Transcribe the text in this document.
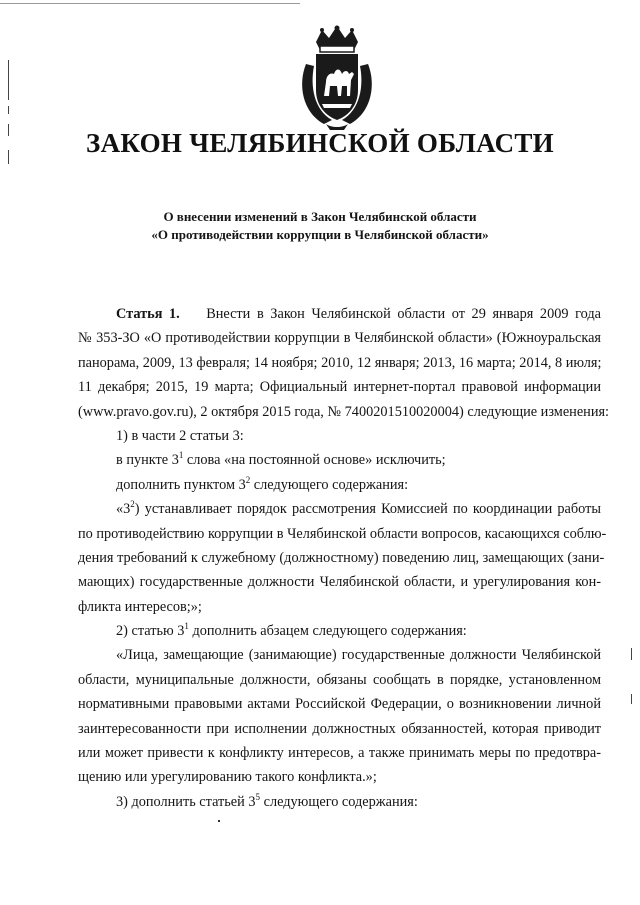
ЗАКОН ЧЕЛЯБИНСКОЙ ОБЛАСТИ
О внесении изменений в Закон Челябинской области
«О противодействии коррупции в Челябинской области»
Статья 1. Внести в Закон Челябинской области от 29 января 2009 года
№ 353-ЗО «О противодействии коррупции в Челябинской области» (Южноуральская
панорама, 2009, 13 февраля; 14 ноября; 2010, 12 января; 2013, 16 марта; 2014, 8 июля;
11 декабря; 2015, 19 марта; Официальный интернет-портал правовой информации
(www.pravo.gov.ru), 2 октября 2015 года, № 7400201510020004) следующие изменения:
1) в части 2 статьи 3:
в пункте $3^1$ слова «на постоянной основе» исключить;
дополнить пунктом $3^2$ следующего содержания:
«$3^2$) устанавливает порядок рассмотрения Комиссией по координации работы
по противодействию коррупции в Челябинской области вопросов, касающихся соблю-
дения требований к служебному (должностному) поведению лиц, замещающих (зани-
мающих) государственные должности Челябинской области, и урегулирования кон-
фликта интересов;»;
2) статью $3^1$ дополнить абзацем следующего содержания:
«Лица, замещающие (занимающие) государственные должности Челябинской
области, муниципальные должности, обязаны сообщать в порядке, установленном
нормативными правовыми актами Российской Федерации, о возникновении личной
заинтересованности при исполнении должностных обязанностей, которая приводит
или может привести к конфликту интересов, а также принимать меры по предотвра-
щению или урегулированию такого конфликта.»;
3) дополнить статьей $3^5$ следующего содержания:
